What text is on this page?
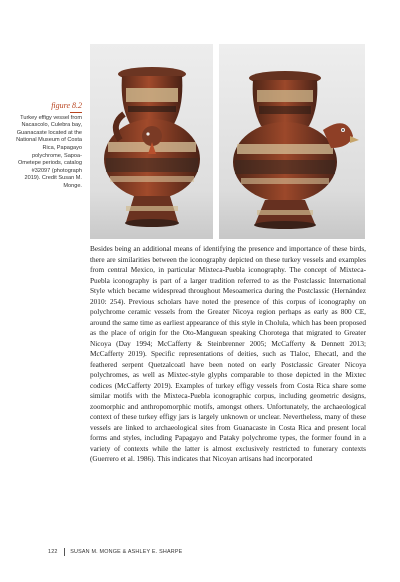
figure 8.2
Turkey effigy vessel from Nacascolo, Culebra bay, Guanacaste located at the National Museum of Costa Rica, Papagayo polychrome, Sapoa-Ometepe periods, catalog #32097 (photograph 2019). Credit Susan M. Monge.

Besides being an additional means of identifying the presence and importance of these birds, there are similarities between the iconography depicted on these turkey vessels and examples from central Mexico, in particular Mixteca-Puebla iconography. The concept of Mixteca-Puebla iconography is part of a larger tradition referred to as the Postclassic International Style which became widespread throughout Mesoamerica during the Postclassic (Hernández 2010: 254). Previous scholars have noted the presence of this corpus of iconography on polychrome ceramic vessels from the Greater Nicoya region perhaps as early as 800 CE, around the same time as earliest appearance of this style in Cholula, which has been proposed as the place of origin for the Oto-Manguean speaking Chorotega that migrated to Greater Nicoya (Day 1994; McCafferty & Steinbrenner 2005; McCafferty & Dennett 2013; McCafferty 2019). Specific representations of deities, such as Tlaloc, Ehecatl, and the feathered serpent Quetzalcoatl have been noted on early Postclassic Greater Nicoya polychromes, as well as Mixtec-style glyphs comparable to those depicted in the Mixtec codices (McCafferty 2019). Examples of turkey effigy vessels from Costa Rica share some similar motifs with the Mixteca-Puebla iconographic corpus, including geometric designs, zoomorphic and anthropomorphic motifs, amongst others. Unfortunately, the archaeological context of these turkey effigy jars is largely unknown or unclear. Nevertheless, many of these vessels are linked to archaeological sites from Guanacaste in Costa Rica and present local forms and styles, including Papagayo and Pataky polychrome types, the former found in a variety of contexts while the latter is almost exclusively restricted to funerary contexts (Guerrero et al. 1986). This indicates that Nicoyan artisans had incorporated

122 SUSAN M. MONGE & ASHLEY E. SHARPE
